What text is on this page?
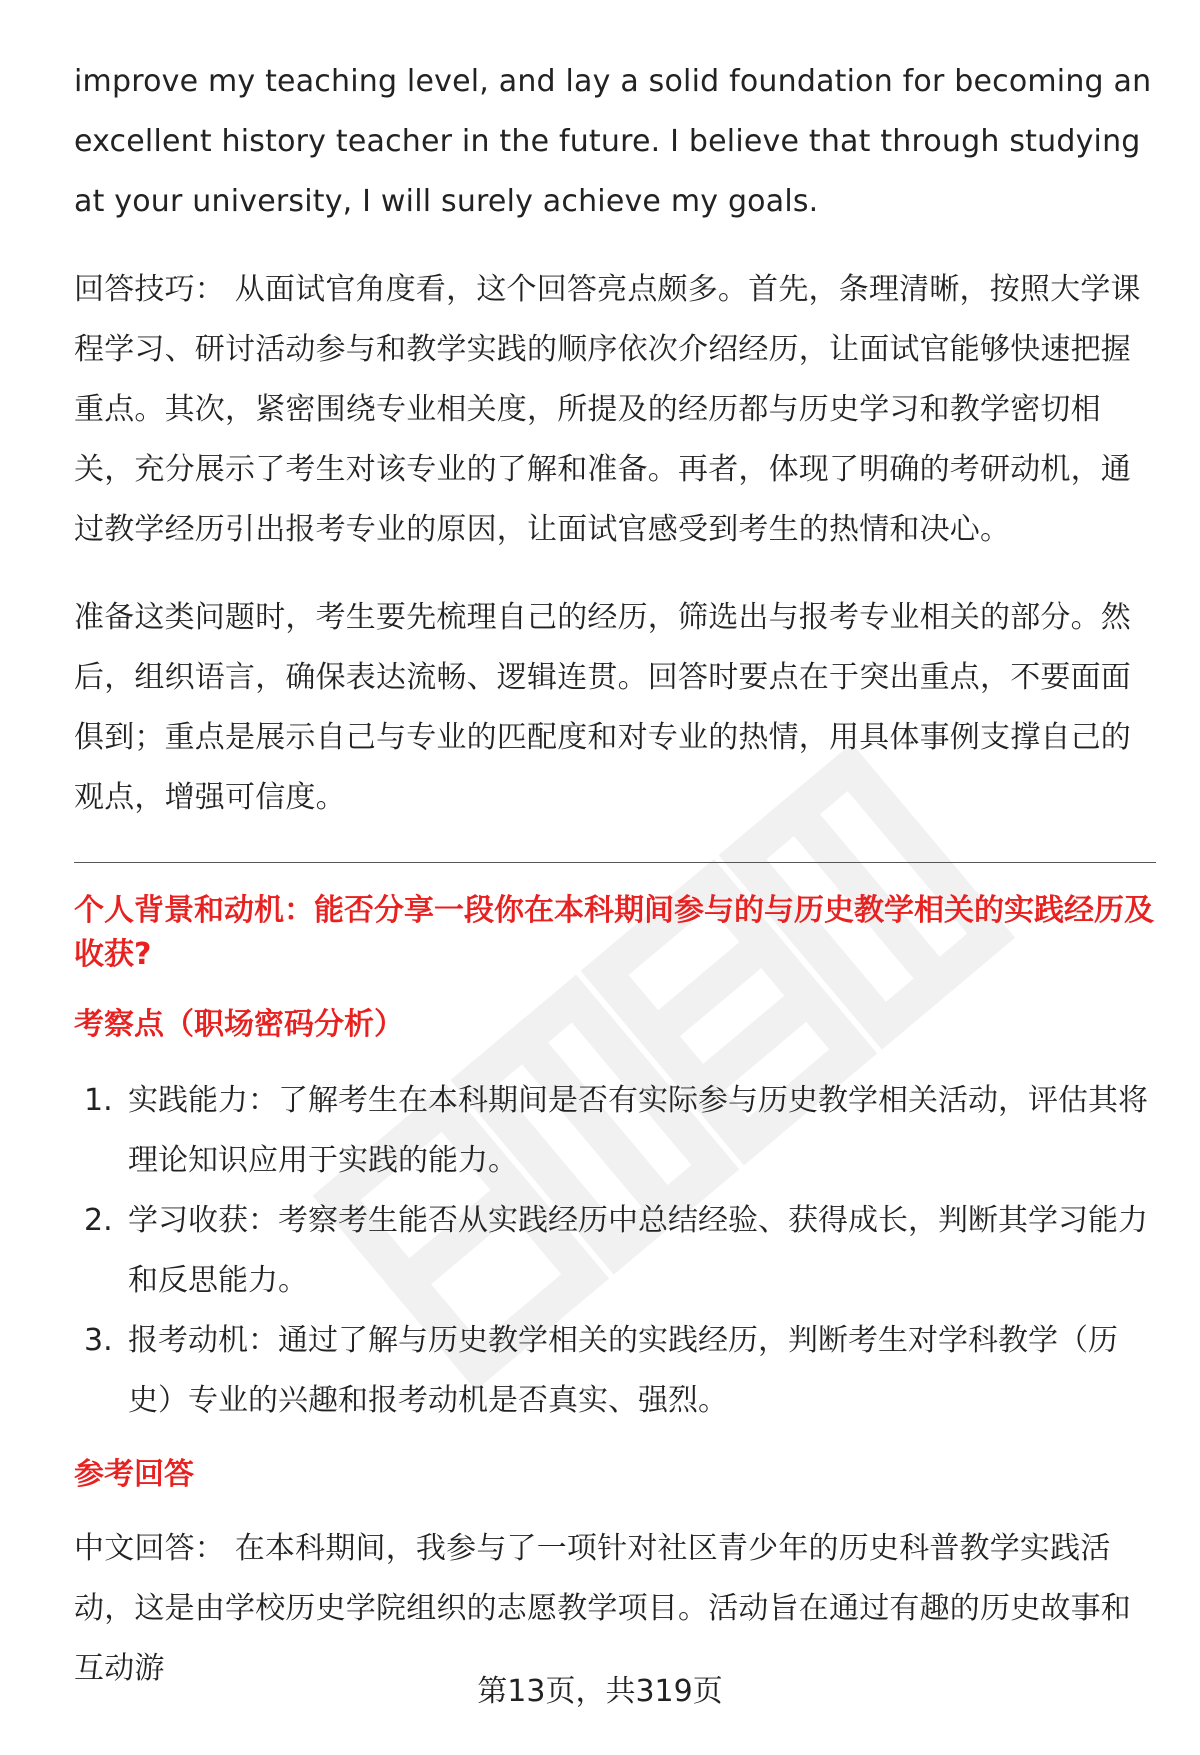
improve my teaching level, and lay a solid foundation for becoming an excellent history teacher in the future. I believe that through studying at your university, I will surely achieve my goals.

回答技巧： 从面试官角度看，这个回答亮点颇多。首先，条理清晰，按照大学课程学习、研讨活动参与和教学实践的顺序依次介绍经历，让面试官能够快速把握重点。其次，紧密围绕专业相关度，所提及的经历都与历史学习和教学密切相关，充分展示了考生对该专业的了解和准备。再者，体现了明确的考研动机，通过教学经历引出报考专业的原因，让面试官感受到考生的热情和决心。

准备这类问题时，考生要先梳理自己的经历，筛选出与报考专业相关的部分。然后，组织语言，确保表达流畅、逻辑连贯。回答时要点在于突出重点，不要面面俱到；重点是展示自己与专业的匹配度和对专业的热情，用具体事例支撑自己的观点，增强可信度。

个人背景和动机：能否分享一段你在本科期间参与的与历史教学相关的实践经历及收获?
考察点（职场密码分析）
1. 实践能力：了解考生在本科期间是否有实际参与历史教学相关活动，评估其将理论知识应用于实践的能力。
2. 学习收获：考察考生能否从实践经历中总结经验、获得成长，判断其学习能力和反思能力。
3. 报考动机：通过了解与历史教学相关的实践经历，判断考生对学科教学（历史）专业的兴趣和报考动机是否真实、强烈。
参考回答

中文回答： 在本科期间，我参与了一项针对社区青少年的历史科普教学实践活动，这是由学校历史学院组织的志愿教学项目。活动旨在通过有趣的历史故事和互动游

第13页，共319页
